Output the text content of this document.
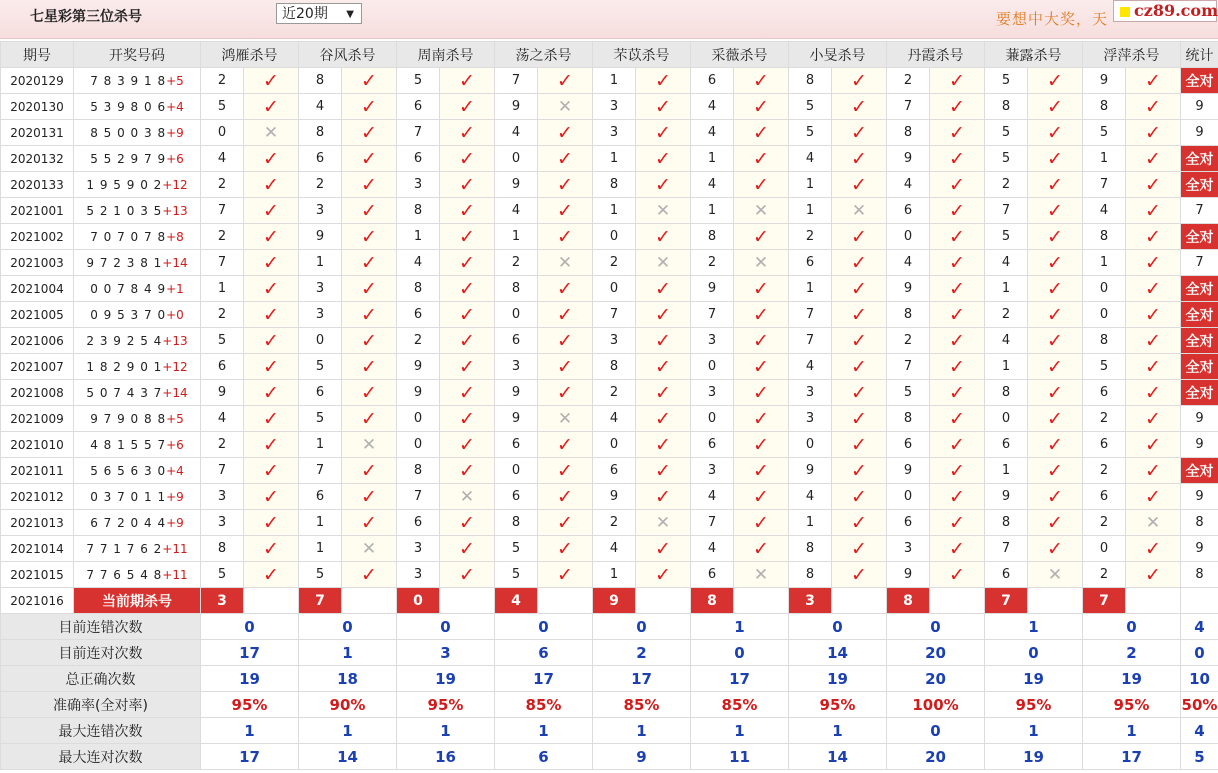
七星彩第三位杀号	近20期 ▼	要想中大奖，天 cz89.com
期号	开奖号码	鸿雁杀号		谷风杀号		周南杀号		荡之杀号		芣苡杀号		采薇杀号		小旻杀号		丹霞杀号		蒹露杀号		浮萍杀号		统计
2020129	7 8 3 9 1 8+5	2	✓	8	✓	5	✓	7	✓	1	✓	6	✓	8	✓	2	✓	5	✓	9	✓	全对
2020130	5 3 9 8 0 6+4	5	✓	4	✓	6	✓	9	✕	3	✓	4	✓	5	✓	7	✓	8	✓	8	✓	9
2020131	8 5 0 0 3 8+9	0	✕	8	✓	7	✓	4	✓	3	✓	4	✓	5	✓	8	✓	5	✓	5	✓	9
2020132	5 5 2 9 7 9+6	4	✓	6	✓	6	✓	0	✓	1	✓	1	✓	4	✓	9	✓	5	✓	1	✓	全对
2020133	1 9 5 9 0 2+12	2	✓	2	✓	3	✓	9	✓	8	✓	4	✓	1	✓	4	✓	2	✓	7	✓	全对
2021001	5 2 1 0 3 5+13	7	✓	3	✓	8	✓	4	✓	1	✕	1	✕	1	✕	6	✓	7	✓	4	✓	7
2021002	7 0 7 0 7 8+8	2	✓	9	✓	1	✓	1	✓	0	✓	8	✓	2	✓	0	✓	5	✓	8	✓	全对
2021003	9 7 2 3 8 1+14	7	✓	1	✓	4	✓	2	✕	2	✕	2	✕	6	✓	4	✓	4	✓	1	✓	7
2021004	0 0 7 8 4 9+1	1	✓	3	✓	8	✓	8	✓	0	✓	9	✓	1	✓	9	✓	1	✓	0	✓	全对
2021005	0 9 5 3 7 0+0	2	✓	3	✓	6	✓	0	✓	7	✓	7	✓	7	✓	8	✓	2	✓	0	✓	全对
2021006	2 3 9 2 5 4+13	5	✓	0	✓	2	✓	6	✓	3	✓	3	✓	7	✓	2	✓	4	✓	8	✓	全对
2021007	1 8 2 9 0 1+12	6	✓	5	✓	9	✓	3	✓	8	✓	0	✓	4	✓	7	✓	1	✓	5	✓	全对
2021008	5 0 7 4 3 7+14	9	✓	6	✓	9	✓	9	✓	2	✓	3	✓	3	✓	5	✓	8	✓	6	✓	全对
2021009	9 7 9 0 8 8+5	4	✓	5	✓	0	✓	9	✕	4	✓	0	✓	3	✓	8	✓	0	✓	2	✓	9
2021010	4 8 1 5 5 7+6	2	✓	1	✕	0	✓	6	✓	0	✓	6	✓	0	✓	6	✓	6	✓	6	✓	9
2021011	5 6 5 6 3 0+4	7	✓	7	✓	8	✓	0	✓	6	✓	3	✓	9	✓	9	✓	1	✓	2	✓	全对
2021012	0 3 7 0 1 1+9	3	✓	6	✓	7	✕	6	✓	9	✓	4	✓	4	✓	0	✓	9	✓	6	✓	9
2021013	6 7 2 0 4 4+9	3	✓	1	✓	6	✓	8	✓	2	✕	7	✓	1	✓	6	✓	8	✓	2	✕	8
2021014	7 7 1 7 6 2+11	8	✓	1	✕	3	✓	5	✓	4	✓	4	✓	8	✓	3	✓	7	✓	0	✓	9
2021015	7 7 6 5 4 8+11	5	✓	5	✓	3	✓	5	✓	1	✓	6	✕	8	✓	9	✓	6	✕	2	✓	8
2021016	当前期杀号	3		7		0		4		9		8		3		8		7		7		
目前连错次数		0		0		0		0		0		1		0		0		1		0		4
目前连对次数		17		1		3		6		2		0		14		20		0		2		0
总正确次数		19		18		19		17		17		17		19		20		19		19		10
准确率(全对率)		95%		90%		95%		85%		85%		85%		95%		100%		95%		95%		50%
最大连错次数		1		1		1		1		1		1		1		0		1		1		4
最大连对次数		17		14		16		6		9		11		14		20		19		17		5
